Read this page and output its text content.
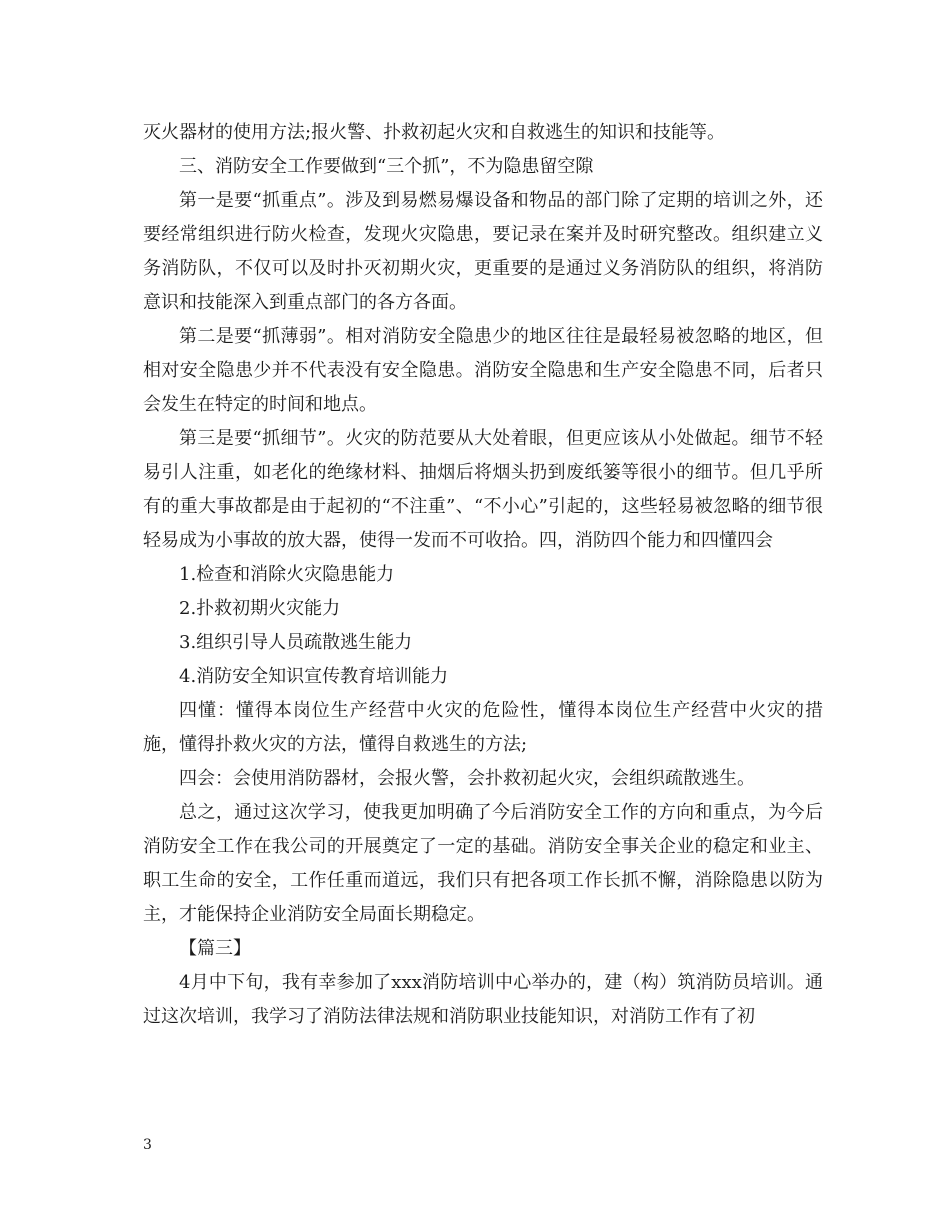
灭火器材的使用方法;报火警、扑救初起火灾和自救逃生的知识和技能等。

三、消防安全工作要做到“三个抓”，不为隐患留空隙

第一是要“抓重点”。涉及到易燃易爆设备和物品的部门除了定期的培训之外，还要经常组织进行防火检查，发现火灾隐患，要记录在案并及时研究整改。组织建立义务消防队，不仅可以及时扑灭初期火灾，更重要的是通过义务消防队的组织，将消防意识和技能深入到重点部门的各方各面。

第二是要“抓薄弱”。相对消防安全隐患少的地区往往是最轻易被忽略的地区，但相对安全隐患少并不代表没有安全隐患。消防安全隐患和生产安全隐患不同，后者只会发生在特定的时间和地点。

第三是要“抓细节”。火灾的防范要从大处着眼，但更应该从小处做起。细节不轻易引人注重，如老化的绝缘材料、抽烟后将烟头扔到废纸篓等很小的细节。但几乎所有的重大事故都是由于起初的“不注重”、“不小心”引起的，这些轻易被忽略的细节很轻易成为小事故的放大器，使得一发而不可收拾。四，消防四个能力和四懂四会

1.检查和消除火灾隐患能力

2.扑救初期火灾能力

3.组织引导人员疏散逃生能力

4.消防安全知识宣传教育培训能力

四懂：懂得本岗位生产经营中火灾的危险性，懂得本岗位生产经营中火灾的措施，懂得扑救火灾的方法，懂得自救逃生的方法;

四会：会使用消防器材，会报火警，会扑救初起火灾，会组织疏散逃生。

总之，通过这次学习，使我更加明确了今后消防安全工作的方向和重点，为今后消防安全工作在我公司的开展奠定了一定的基础。消防安全事关企业的稳定和业主、职工生命的安全，工作任重而道远，我们只有把各项工作长抓不懈，消除隐患以防为主，才能保持企业消防安全局面长期稳定。

【篇三】

4月中下旬，我有幸参加了xxx消防培训中心举办的，建（构）筑消防员培训。通过这次培训，我学习了消防法律法规和消防职业技能知识，对消防工作有了初

3
